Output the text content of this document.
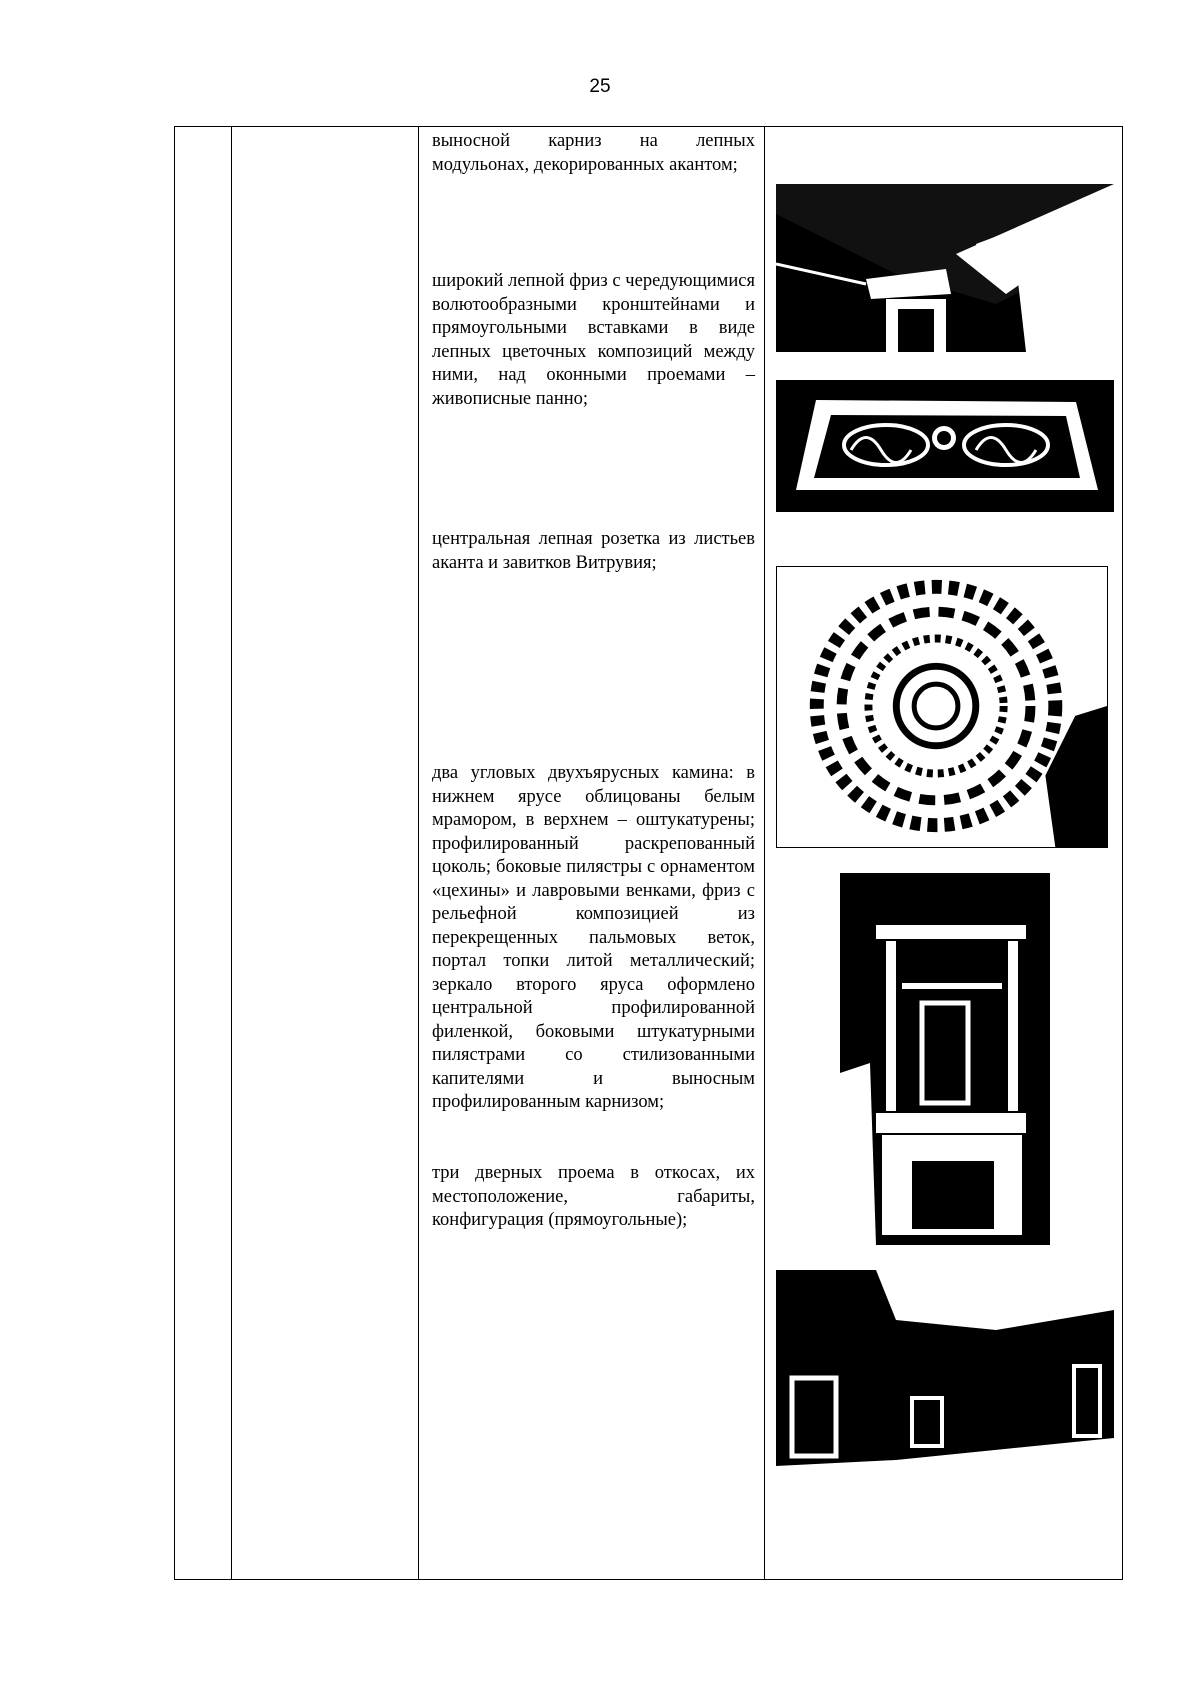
25
выносной карниз на лепных модульонах, декорированных акантом;
широкий лепной фриз с чередующимися волютообразными кронштейнами и прямоугольными вставками в виде лепных цветочных композиций между ними, над оконными проемами – живописные панно;
центральная лепная розетка из листьев аканта и завитков Витрувия;
два угловых двухъярусных камина: в нижнем ярусе облицованы белым мрамором, в верхнем – оштукатурены; профилированный раскрепованный цоколь; боковые пилястры с орнаментом «цехины» и лавровыми венками, фриз с рельефной композицией из перекрещенных пальмовых веток, портал топки литой металлический; зеркало второго яруса оформлено центральной профилированной филенкой, боковыми штукатурными пилястрами со стилизованными капителями и выносным профилированным карнизом;
три дверных проема в откосах, их местоположение, габариты, конфигурация (прямоугольные);
